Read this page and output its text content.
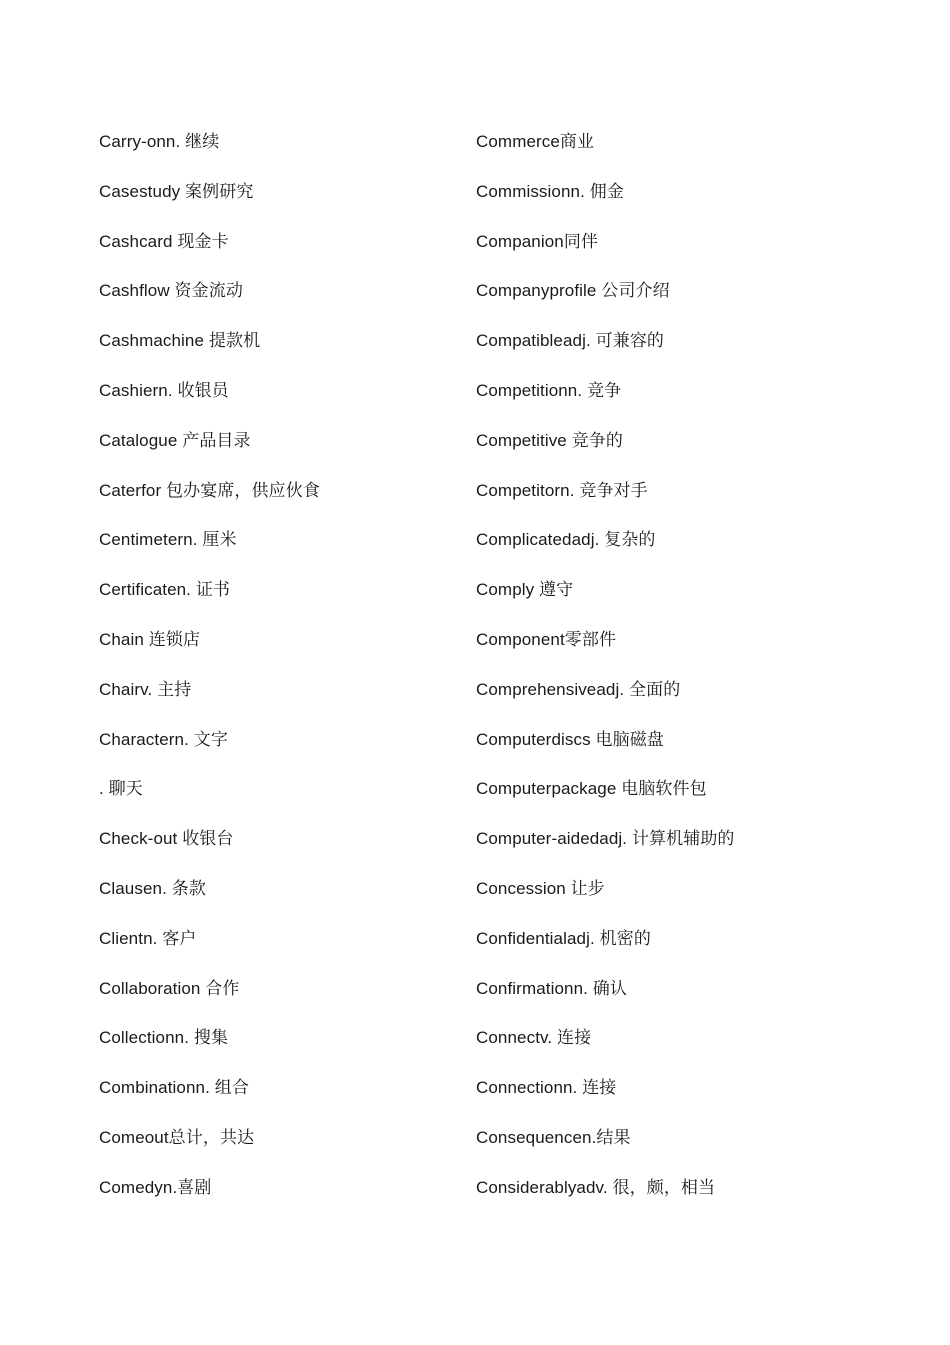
Carry-onn. 继续
Casestudy 案例研究
Cashcard 现金卡
Cashflow 资金流动
Cashmachine 提款机
Cashiern. 收银员
Catalogue 产品目录
Caterfor 包办宴席，供应伙食
Centimetern. 厘米
Certificaten. 证书
Chain 连锁店
Chairv. 主持
Charactern. 文字
. 聊天
Check-out 收银台
Clausen. 条款
Clientn. 客户
Collaboration 合作
Collectionn. 搜集
Combinationn. 组合
Comeout总计，共达
Comedyn.喜剧
Commerce商业
Commissionn. 佣金
Companion同伴
Companyprofile 公司介绍
Compatibleadj. 可兼容的
Competitionn. 竞争
Competitive 竞争的
Competitorn. 竞争对手
Complicatedadj. 复杂的
Comply 遵守
Component零部件
Comprehensiveadj. 全面的
Computerdiscs 电脑磁盘
Computerpackage 电脑软件包
Computer-aidedadj. 计算机辅助的
Concession 让步
Confidentialadj. 机密的
Confirmationn. 确认
Connectv. 连接
Connectionn. 连接
Consequencen.结果
Considerablyadv. 很，颇，相当
